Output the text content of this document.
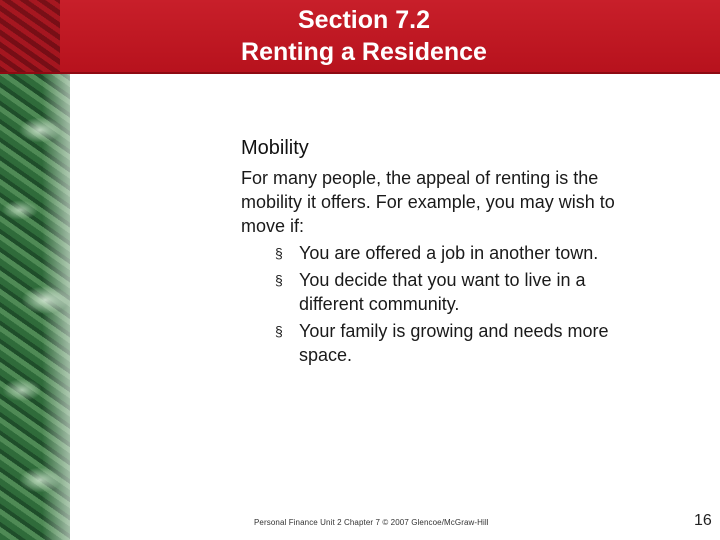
Section 7.2
Renting a Residence
Mobility
For many people, the appeal of renting is the
mobility it offers. For example, you may wish to
move if:
§ You are offered a job in another town.
§ You decide that you want to live in a
different community.
§ Your family is growing and needs more
space.
Personal Finance Unit 2 Chapter 7 © 2007 Glencoe/McGraw-Hill	16
